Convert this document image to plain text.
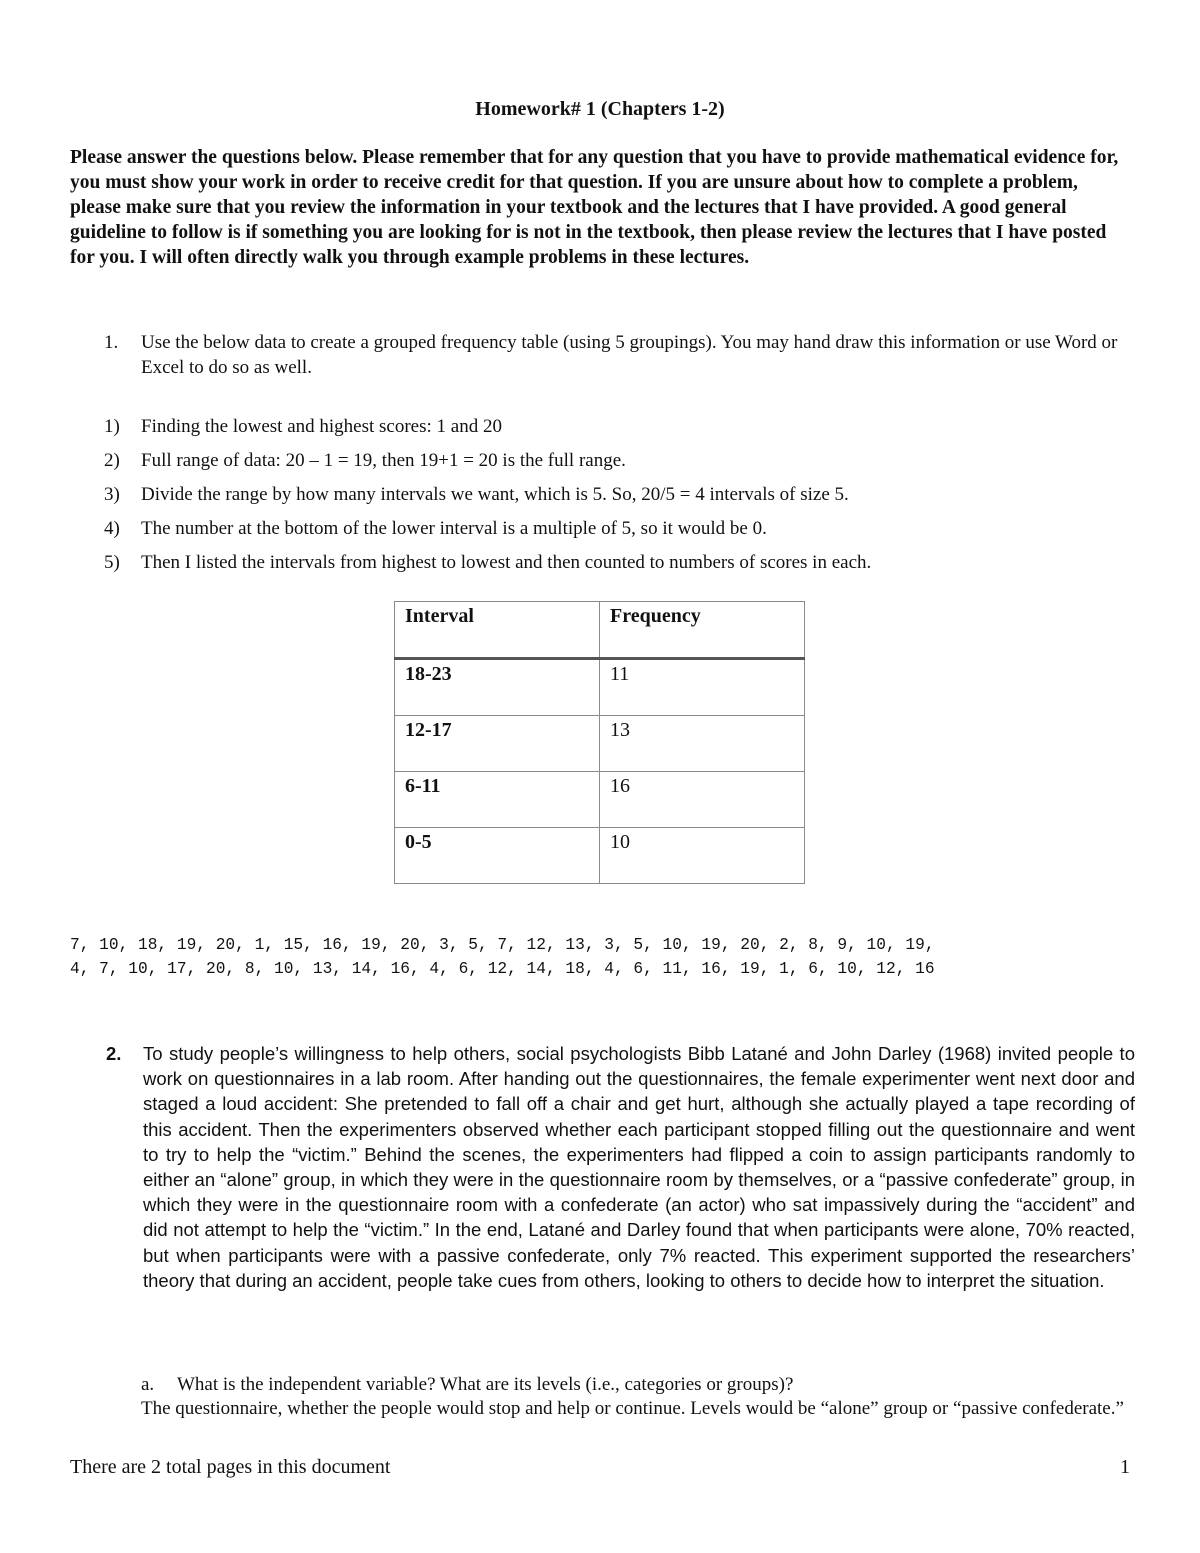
Homework# 1 (Chapters 1-2)
Please answer the questions below. Please remember that for any question that you have to provide mathematical evidence for, you must show your work in order to receive credit for that question. If you are unsure about how to complete a problem, please make sure that you review the information in your textbook and the lectures that I have provided. A good general guideline to follow is if something you are looking for is not in the textbook, then please review the lectures that I have posted for you. I will often directly walk you through example problems in these lectures.
1. Use the below data to create a grouped frequency table (using 5 groupings). You may hand draw this information or use Word or Excel to do so as well.
1) Finding the lowest and highest scores: 1 and 20
2) Full range of data: 20 – 1 = 19, then 19+1 = 20 is the full range.
3) Divide the range by how many intervals we want, which is 5. So, 20/5 = 4 intervals of size 5.
4) The number at the bottom of the lower interval is a multiple of 5, so it would be 0.
5) Then I listed the intervals from highest to lowest and then counted to numbers of scores in each.
Interval	Frequency
18-23	11
12-17	13
6-11	16
0-5	10
7, 10, 18, 19, 20, 1, 15, 16, 19, 20, 3, 5, 7, 12, 13, 3, 5, 10, 19, 20, 2, 8, 9, 10, 19,
4, 7, 10, 17, 20, 8, 10, 13, 14, 16, 4, 6, 12, 14, 18, 4, 6, 11, 16, 19, 1, 6, 10, 12, 16
2. To study people’s willingness to help others, social psychologists Bibb Latané and John Darley (1968) invited people to work on questionnaires in a lab room. After handing out the questionnaires, the female experimenter went next door and staged a loud accident: She pretended to fall off a chair and get hurt, although she actually played a tape recording of this accident. Then the experimenters observed whether each participant stopped filling out the questionnaire and went to try to help the “victim.” Behind the scenes, the experimenters had flipped a coin to assign participants randomly to either an “alone” group, in which they were in the questionnaire room by themselves, or a “passive confederate” group, in which they were in the questionnaire room with a confederate (an actor) who sat impassively during the “accident” and did not attempt to help the “victim.” In the end, Latané and Darley found that when participants were alone, 70% reacted, but when participants were with a passive confederate, only 7% reacted. This experiment supported the researchers’ theory that during an accident, people take cues from others, looking to others to decide how to interpret the situation.
a. What is the independent variable? What are its levels (i.e., categories or groups)?
The questionnaire, whether the people would stop and help or continue. Levels would be “alone” group or “passive confederate.”
There are 2 total pages in this document	1
